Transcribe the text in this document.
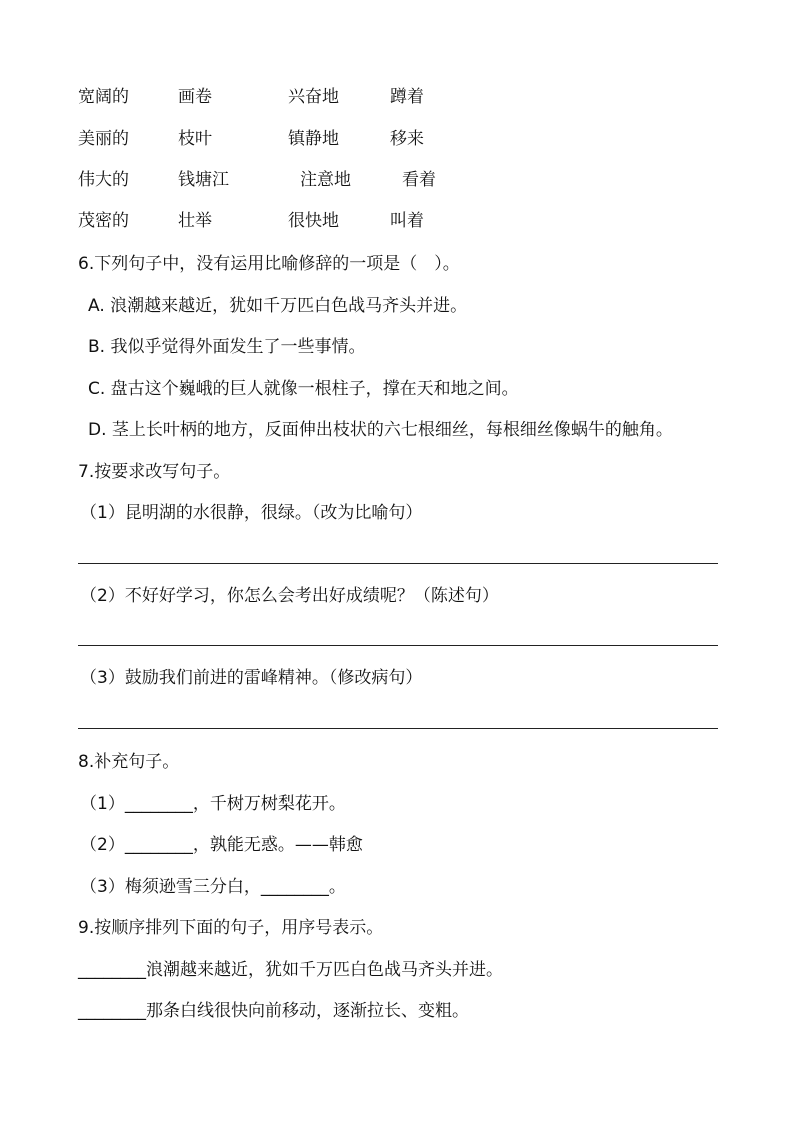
宽阔的	画卷	兴奋地	蹲着
美丽的	枝叶	镇静地	移来
伟大的	钱塘江	注意地	看着
茂密的	壮举	很快地	叫着
6.下列句子中，没有运用比喻修辞的一项是（　）。
A. 浪潮越来越近，犹如千万匹白色战马齐头并进。
B. 我似乎觉得外面发生了一些事情。
C. 盘古这个巍峨的巨人就像一根柱子，撑在天和地之间。
D. 茎上长叶柄的地方，反面伸出枝状的六七根细丝，每根细丝像蜗牛的触角。
7.按要求改写句子。
（1）昆明湖的水很静，很绿。（改为比喻句）
（2）不好好学习，你怎么会考出好成绩呢？（陈述句）
（3）鼓励我们前进的雷峰精神。（修改病句）
8.补充句子。
（1）________，千树万树梨花开。
（2）________，孰能无惑。——韩愈
（3）梅须逊雪三分白，________。
9.按顺序排列下面的句子，用序号表示。
________浪潮越来越近，犹如千万匹白色战马齐头并进。
________那条白线很快向前移动，逐渐拉长、变粗。
